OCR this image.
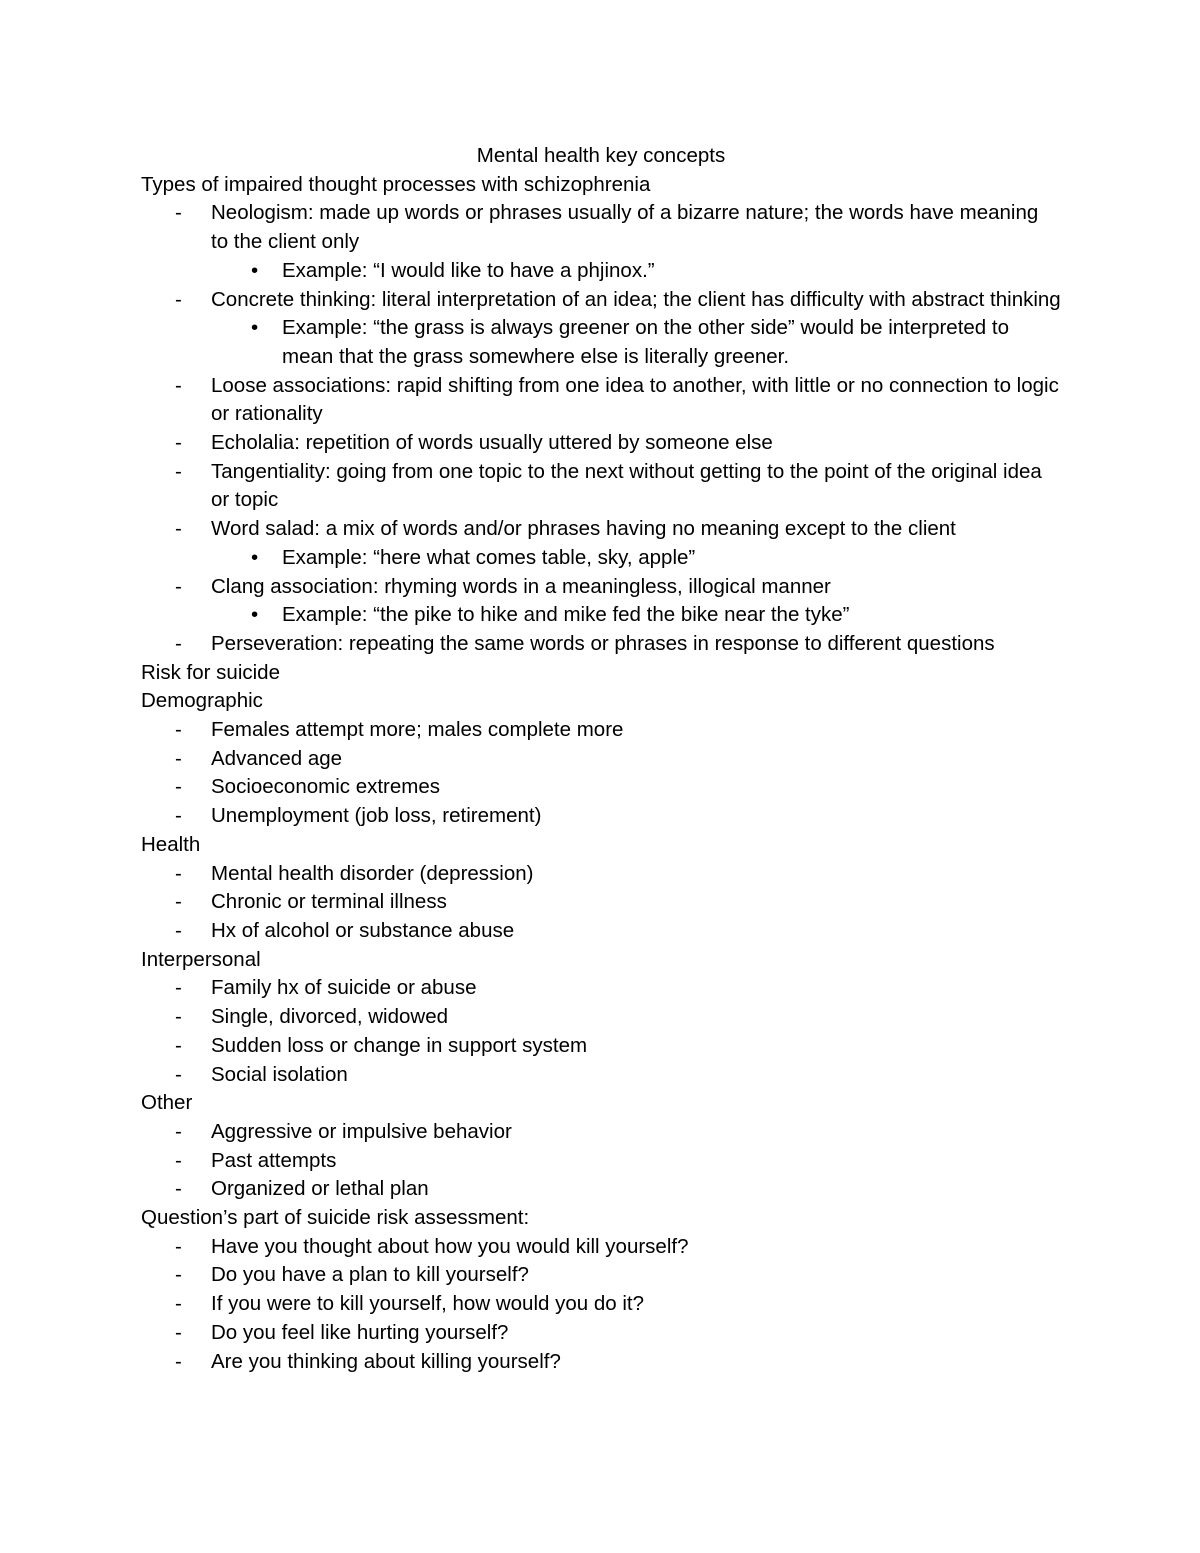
Mental health key concepts
Types of impaired thought processes with schizophrenia
- Neologism: made up words or phrases usually of a bizarre nature; the words have meaning to the client only
• Example: “I would like to have a phjinox.”
- Concrete thinking: literal interpretation of an idea; the client has difficulty with abstract thinking
• Example: “the grass is always greener on the other side” would be interpreted to mean that the grass somewhere else is literally greener.
- Loose associations: rapid shifting from one idea to another, with little or no connection to logic or rationality
- Echolalia: repetition of words usually uttered by someone else
- Tangentiality: going from one topic to the next without getting to the point of the original idea or topic
- Word salad: a mix of words and/or phrases having no meaning except to the client
• Example: “here what comes table, sky, apple”
- Clang association: rhyming words in a meaningless, illogical manner
• Example: “the pike to hike and mike fed the bike near the tyke”
- Perseveration: repeating the same words or phrases in response to different questions
Risk for suicide
Demographic
- Females attempt more; males complete more
- Advanced age
- Socioeconomic extremes
- Unemployment (job loss, retirement)
Health
- Mental health disorder (depression)
- Chronic or terminal illness
- Hx of alcohol or substance abuse
Interpersonal
- Family hx of suicide or abuse
- Single, divorced, widowed
- Sudden loss or change in support system
- Social isolation
Other
- Aggressive or impulsive behavior
- Past attempts
- Organized or lethal plan
Question’s part of suicide risk assessment:
- Have you thought about how you would kill yourself?
- Do you have a plan to kill yourself?
- If you were to kill yourself, how would you do it?
- Do you feel like hurting yourself?
- Are you thinking about killing yourself?
